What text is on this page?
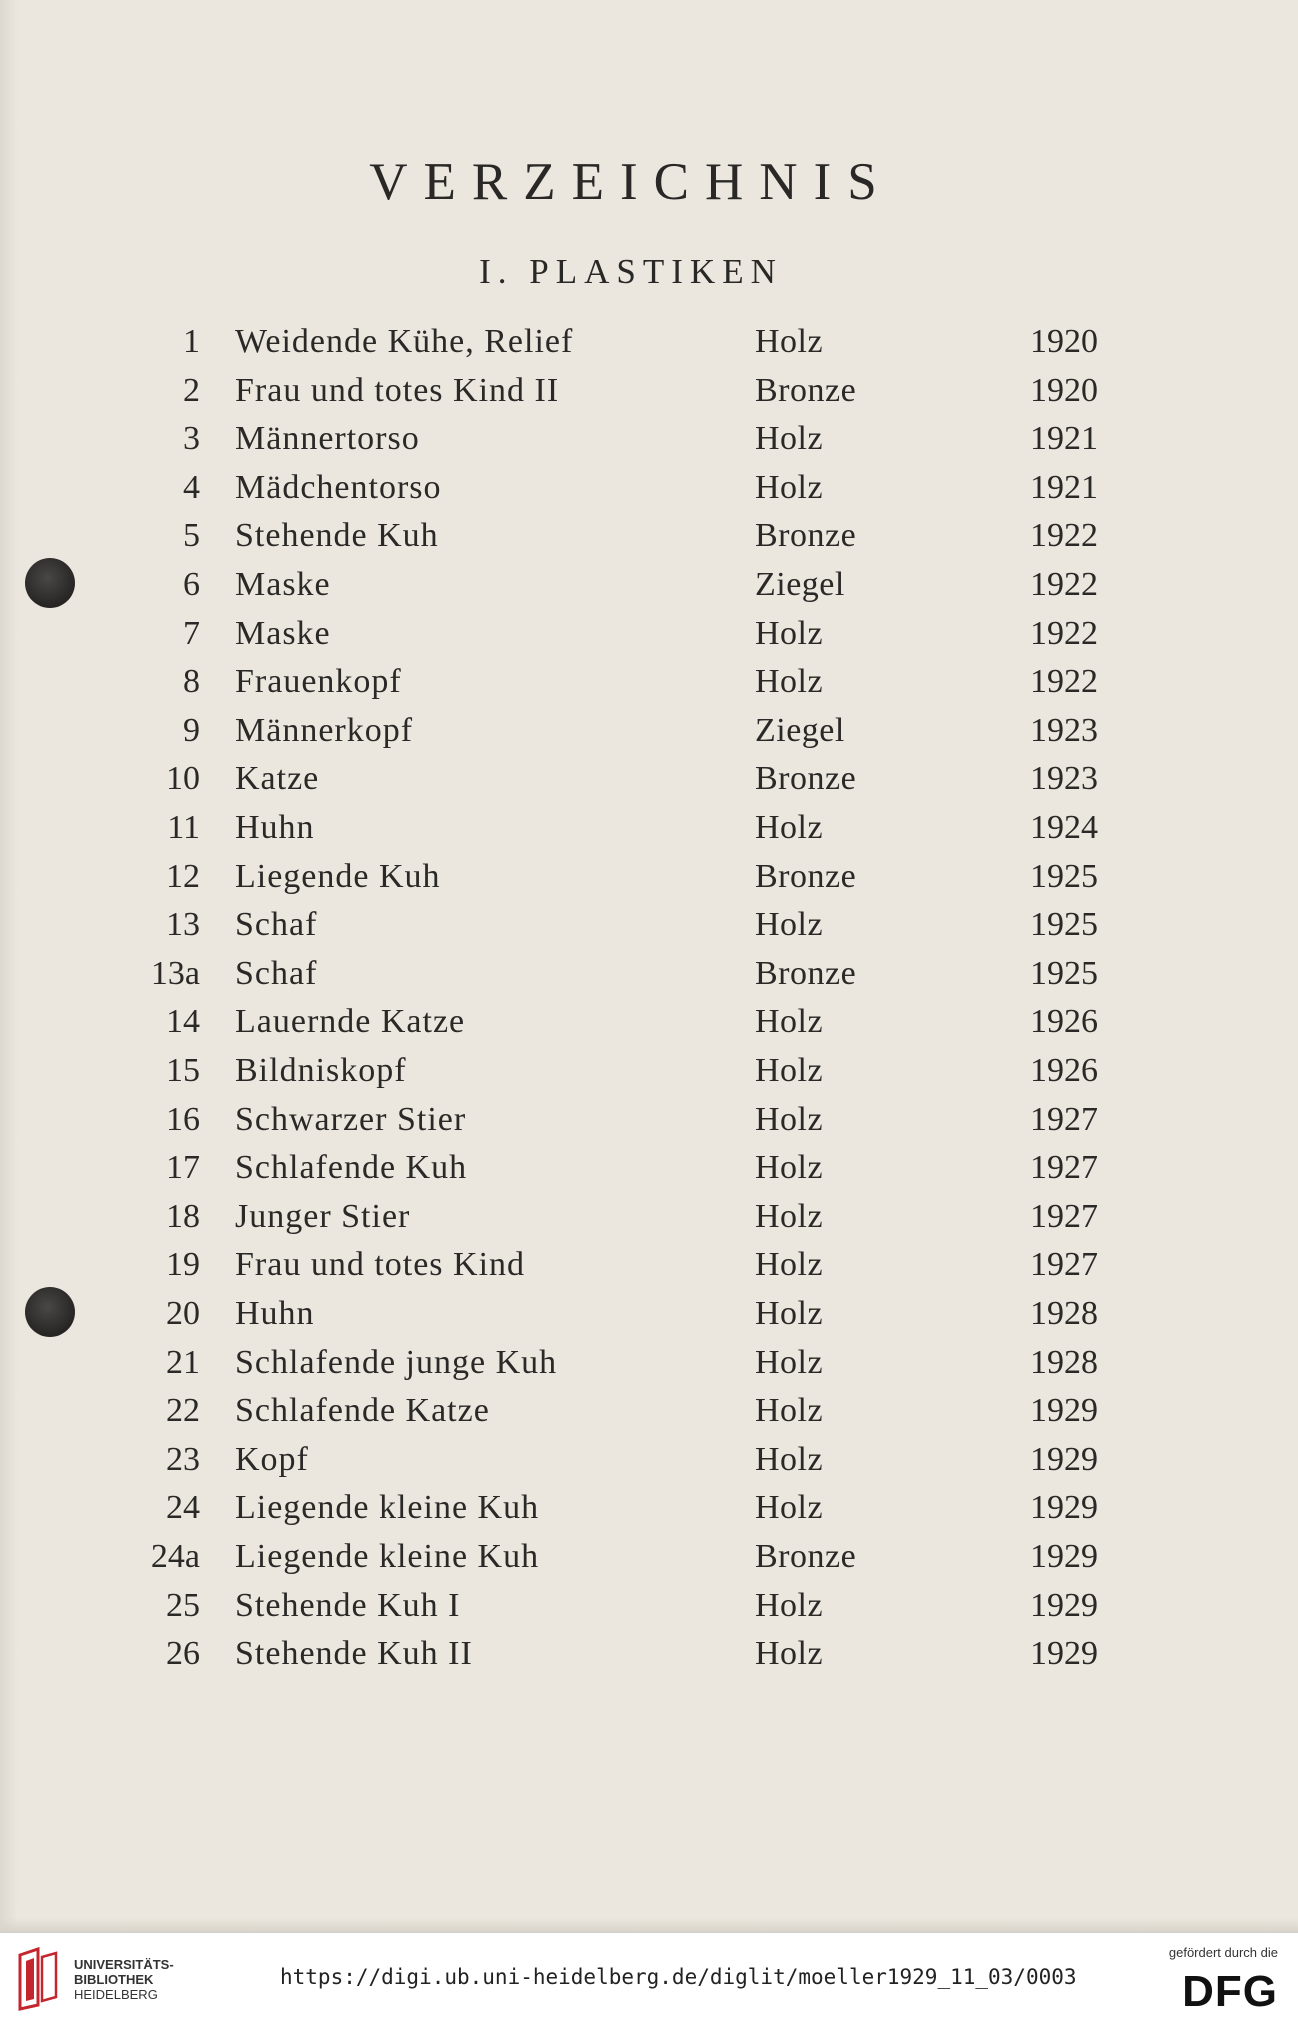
VERZEICHNIS
I. PLASTIKEN
1 Weidende Kühe, Relief	Holz	1920
2 Frau und totes Kind II	Bronze	1920
3 Männertorso	Holz	1921
4 Mädchentorso	Holz	1921
5 Stehende Kuh	Bronze	1922
6 Maske	Ziegel	1922
7 Maske	Holz	1922
8 Frauenkopf	Holz	1922
9 Männerkopf	Ziegel	1923
10 Katze	Bronze	1923
11 Huhn	Holz	1924
12 Liegende Kuh	Bronze	1925
13 Schaf	Holz	1925
13a Schaf	Bronze	1925
14 Lauernde Katze	Holz	1926
15 Bildniskopf	Holz	1926
16 Schwarzer Stier	Holz	1927
17 Schlafende Kuh	Holz	1927
18 Junger Stier	Holz	1927
19 Frau und totes Kind	Holz	1927
20 Huhn	Holz	1928
21 Schlafende junge Kuh	Holz	1928
22 Schlafende Katze	Holz	1929
23 Kopf	Holz	1929
24 Liegende kleine Kuh	Holz	1929
24a Liegende kleine Kuh	Bronze	1929
25 Stehende Kuh I	Holz	1929
26 Stehende Kuh II	Holz	1929
UNIVERSITÄTS-
BIBLIOTHEK
HEIDELBERG
https://digi.ub.uni-heidelberg.de/diglit/moeller1929_11_03/0003
gefördert durch die
DFG
